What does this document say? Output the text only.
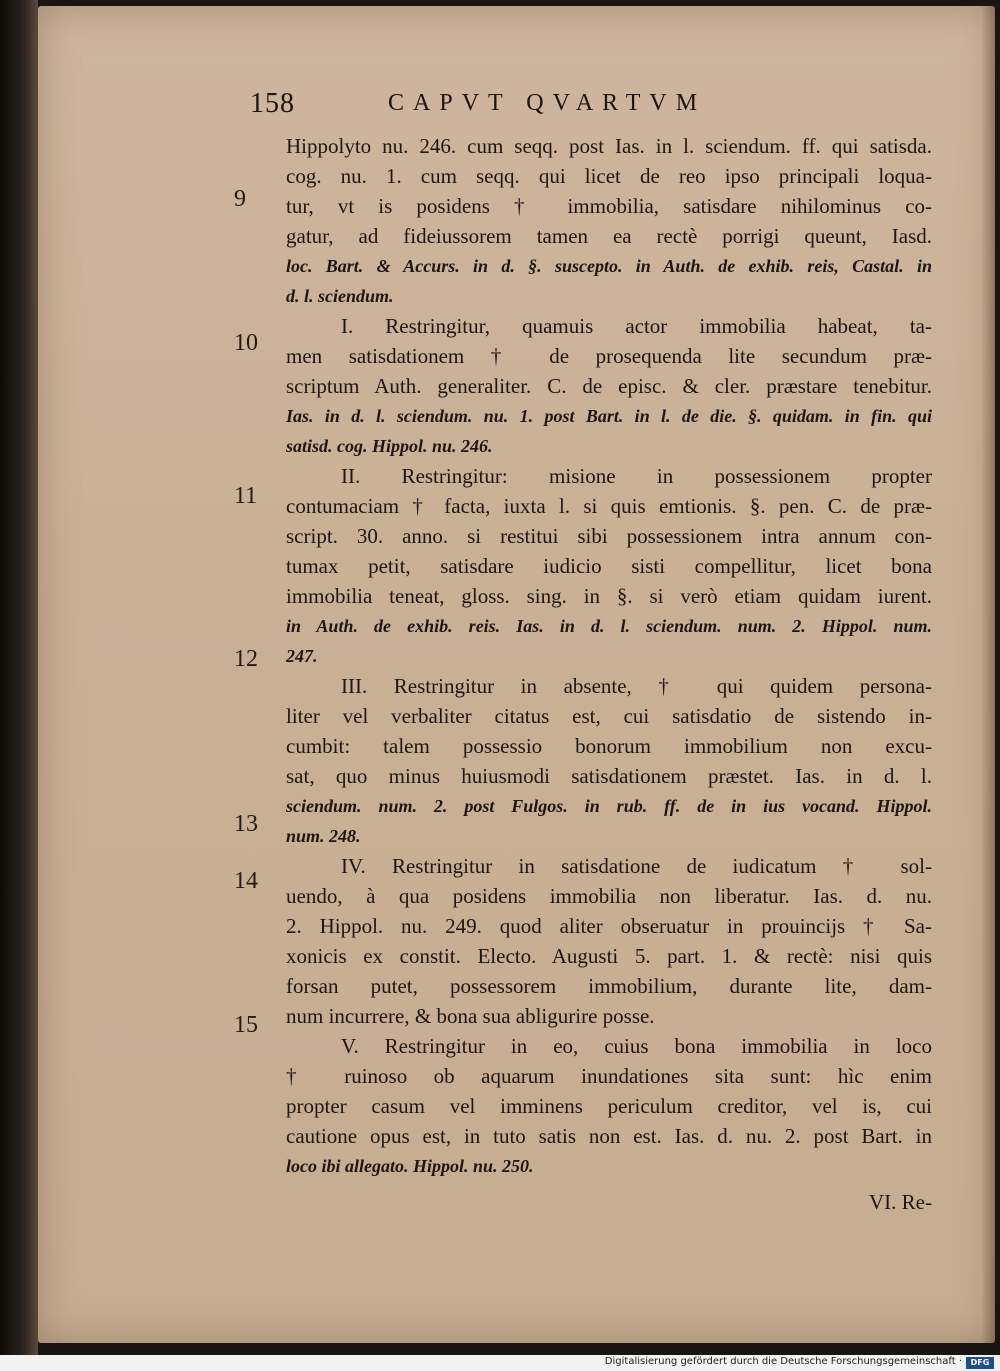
158	CAPVT QVARTVM
Hippolyto nu. 246. cum seqq. post Ias. in l. sciendum. ff. qui satisda.
cog. nu. 1. cum seqq. qui licet de reo ipso principali loqua-
tur, vt is posidens † immobilia, satisdare nihilominus co-
gatur, ad fideiussorem tamen ea rectè porrigi queunt, Iasd.
loc. Bart. & Accurs. in d. §. suscepto. in Auth. de exhib. reis, Castal. in
d. l. sciendum.
I. Restringitur, quamuis actor immobilia habeat, ta-
men satisdationem † de prosequenda lite secundum præ-
scriptum Auth. generaliter. C. de episc. & cler. præstare tenebitur.
Ias. in d. l. sciendum. nu. 1. post Bart. in l. de die. §. quidam. in fin. qui
satisd. cog. Hippol. nu. 246.
II. Restringitur: misione in possessionem propter
contumaciam † facta, iuxta l. si quis emtionis. §. pen. C. de præ-
script. 30. anno. si restitui sibi possessionem intra annum con-
tumax petit, satisdare iudicio sisti compellitur, licet bona
immobilia teneat, gloss. sing. in §. si verò etiam quidam iurent.
in Auth. de exhib. reis. Ias. in d. l. sciendum. num. 2. Hippol. num.
247.
III. Restringitur in absente, † qui quidem persona-
liter vel verbaliter citatus est, cui satisdatio de sistendo in-
cumbit: talem possessio bonorum immobilium non excu-
sat, quo minus huiusmodi satisdationem præstet. Ias. in d. l.
sciendum. num. 2. post Fulgos. in rub. ff. de in ius vocand. Hippol.
num. 248.
IV. Restringitur in satisdatione de iudicatum † sol-
uendo, à qua posidens immobilia non liberatur. Ias. d. nu.
2. Hippol. nu. 249. quod aliter obseruatur in prouincijs † Sa-
xonicis ex constit. Electo. Augusti 5. part. 1. & rectè: nisi quis
forsan putet, possessorem immobilium, durante lite, dam-
num incurrere, & bona sua abligurire posse.
V. Restringitur in eo, cuius bona immobilia in loco
† ruinoso ob aquarum inundationes sita sunt: hìc enim
propter casum vel imminens periculum creditor, vel is, cui
cautione opus est, in tuto satis non est. Ias. d. nu. 2. post Bart. in
loco ibi allegato. Hippol. nu. 250.
VI. Re-
9
10
11
12
13
14
15
Digitalisierung gefördert durch die Deutsche Forschungsgemeinschaft ·	DFG
